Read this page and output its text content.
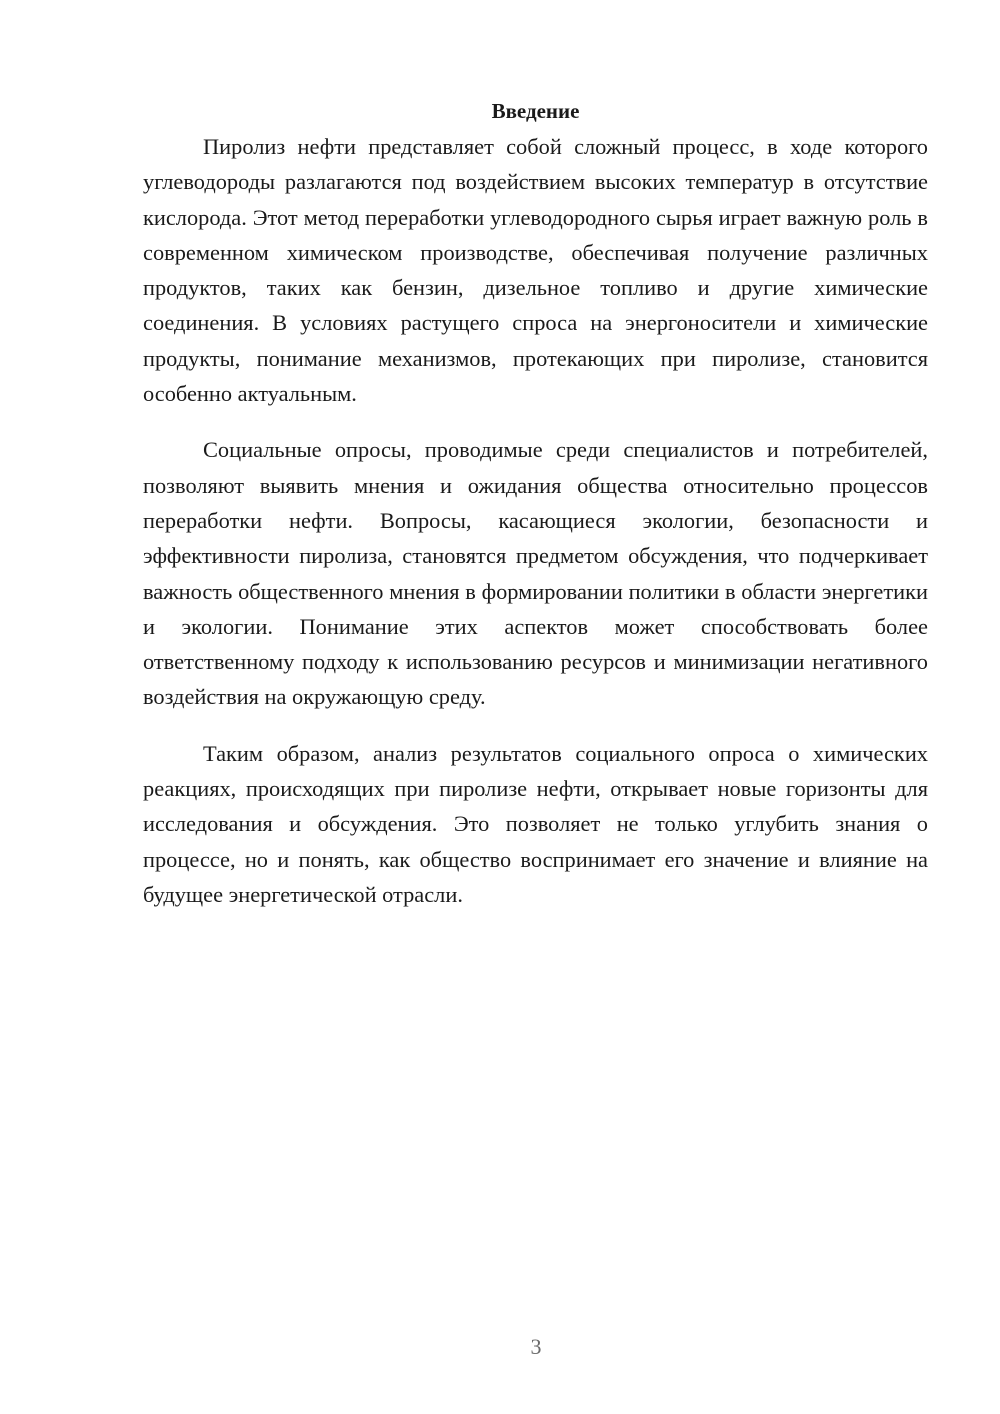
Введение

Пиролиз нефти представляет собой сложный процесс, в ходе которого углеводороды разлагаются под воздействием высоких температур в отсутствие кислорода. Этот метод переработки углеводородного сырья играет важную роль в современном химическом производстве, обеспечивая получение различных продуктов, таких как бензин, дизельное топливо и другие химические соединения. В условиях растущего спроса на энергоносители и химические продукты, понимание механизмов, протекающих при пиролизе, становится особенно актуальным.

Социальные опросы, проводимые среди специалистов и потребителей, позволяют выявить мнения и ожидания общества относительно процессов переработки нефти. Вопросы, касающиеся экологии, безопасности и эффективности пиролиза, становятся предметом обсуждения, что подчеркивает важность общественного мнения в формировании политики в области энергетики и экологии. Понимание этих аспектов может способствовать более ответственному подходу к использованию ресурсов и минимизации негативного воздействия на окружающую среду.

Таким образом, анализ результатов социального опроса о химических реакциях, происходящих при пиролизе нефти, открывает новые горизонты для исследования и обсуждения. Это позволяет не только углубить знания о процессе, но и понять, как общество воспринимает его значение и влияние на будущее энергетической отрасли.

3
